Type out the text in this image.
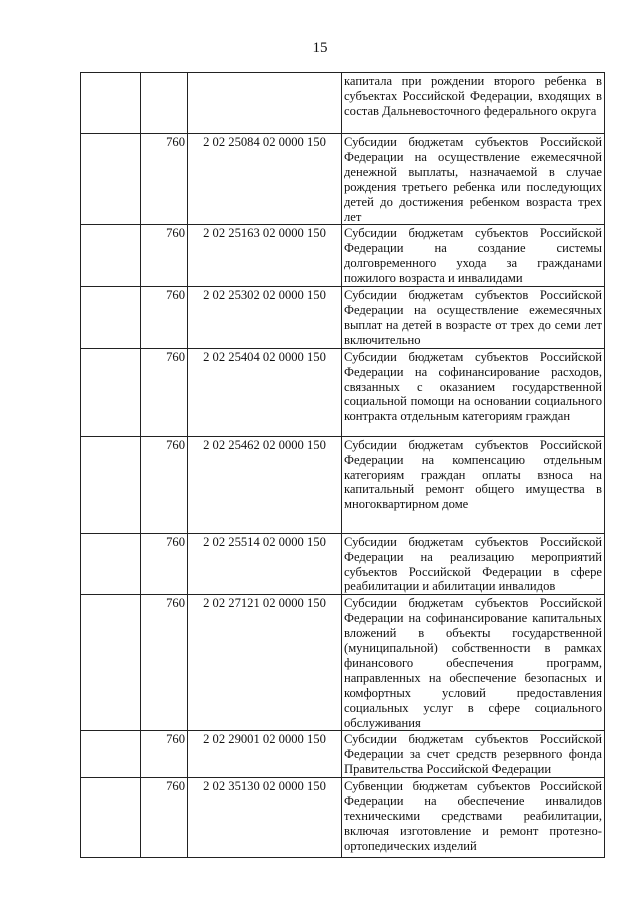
15
			капитала при рождении второго ребенка в субъектах Российской Федерации, входящих в состав Дальневосточного федерального округа
	760	2 02 25084 02 0000 150	Субсидии бюджетам субъектов Российской Федерации на осуществление ежемесячной денежной выплаты, назначаемой в случае рождения третьего ребенка или последующих детей до достижения ребенком возраста трех лет
	760	2 02 25163 02 0000 150	Субсидии бюджетам субъектов Российской Федерации на создание системы долговременного ухода за гражданами пожилого возраста и инвалидами
	760	2 02 25302 02 0000 150	Субсидии бюджетам субъектов Российской Федерации на осуществление ежемесячных выплат на детей в возрасте от трех до семи лет включительно
	760	2 02 25404 02 0000 150	Субсидии бюджетам субъектов Российской Федерации на софинансирование расходов, связанных с оказанием государственной социальной помощи на основании социального контракта отдельным категориям граждан
	760	2 02 25462 02 0000 150	Субсидии бюджетам субъектов Российской Федерации на компенсацию отдельным категориям граждан оплаты взноса на капитальный ремонт общего имущества в многоквартирном доме
	760	2 02 25514 02 0000 150	Субсидии бюджетам субъектов Российской Федерации на реализацию мероприятий субъектов Российской Федерации в сфере реабилитации и абилитации инвалидов
	760	2 02 27121 02 0000 150	Субсидии бюджетам субъектов Российской Федерации на софинансирование капитальных вложений в объекты государственной (муниципальной) собственности в рамках финансового обеспечения программ, направленных на обеспечение безопасных и комфортных условий предоставления социальных услуг в сфере социального обслуживания
	760	2 02 29001 02 0000 150	Субсидии бюджетам субъектов Российской Федерации за счет средств резервного фонда Правительства Российской Федерации
	760	2 02 35130 02 0000 150	Субвенции бюджетам субъектов Российской Федерации на обеспечение инвалидов техническими средствами реабилитации, включая изготовление и ремонт протезно-ортопедических изделий
